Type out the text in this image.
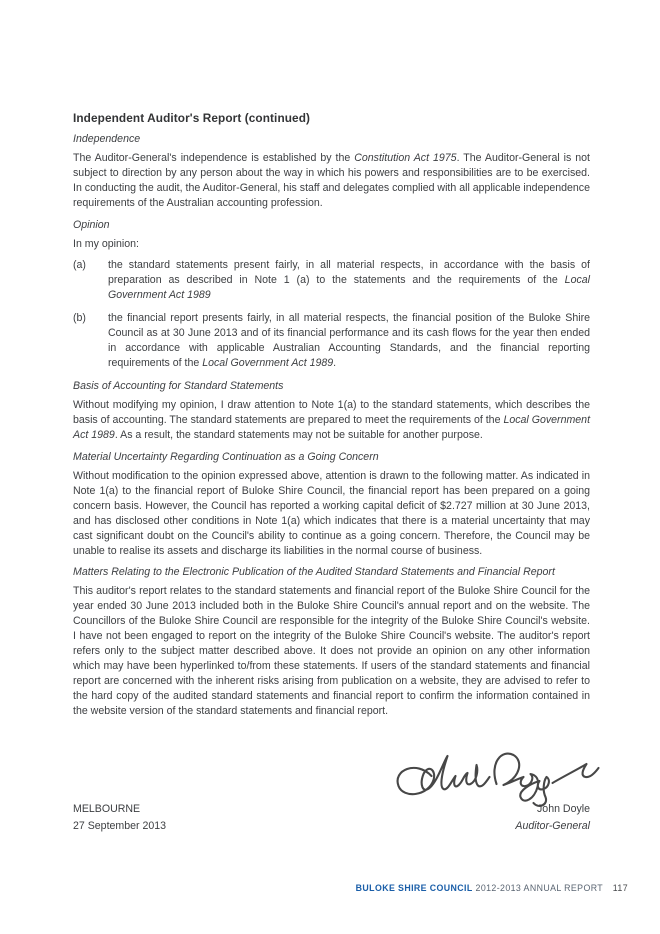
Independent Auditor's Report (continued)
Independence

The Auditor-General's independence is established by the Constitution Act 1975. The Auditor-General is not subject to direction by any person about the way in which his powers and responsibilities are to be exercised. In conducting the audit, the Auditor-General, his staff and delegates complied with all applicable independence requirements of the Australian accounting profession.

Opinion

In my opinion:

(a) the standard statements present fairly, in all material respects, in accordance with the basis of preparation as described in Note 1 (a) to the statements and the requirements of the Local Government Act 1989
(b) the financial report presents fairly, in all material respects, the financial position of the Buloke Shire Council as at 30 June 2013 and of its financial performance and its cash flows for the year then ended in accordance with applicable Australian Accounting Standards, and the financial reporting requirements of the Local Government Act 1989.
Basis of Accounting for Standard Statements

Without modifying my opinion, I draw attention to Note 1(a) to the standard statements, which describes the basis of accounting. The standard statements are prepared to meet the requirements of the Local Government Act 1989. As a result, the standard statements may not be suitable for another purpose.

Material Uncertainty Regarding Continuation as a Going Concern

Without modification to the opinion expressed above, attention is drawn to the following matter. As indicated in Note 1(a) to the financial report of Buloke Shire Council, the financial report has been prepared on a going concern basis. However, the Council has reported a working capital deficit of $2.727 million at 30 June 2013, and has disclosed other conditions in Note 1(a) which indicates that there is a material uncertainty that may cast significant doubt on the Council's ability to continue as a going concern. Therefore, the Council may be unable to realise its assets and discharge its liabilities in the normal course of business.

Matters Relating to the Electronic Publication of the Audited Standard Statements and Financial Report

This auditor's report relates to the standard statements and financial report of the Buloke Shire Council for the year ended 30 June 2013 included both in the Buloke Shire Council's annual report and on the website. The Councillors of the Buloke Shire Council are responsible for the integrity of the Buloke Shire Council's website. I have not been engaged to report on the integrity of the Buloke Shire Council's website. The auditor's report refers only to the subject matter described above. It does not provide an opinion on any other information which may have been hyperlinked to/from these statements. If users of the standard statements and financial report are concerned with the inherent risks arising from publication on a website, they are advised to refer to the hard copy of the audited standard statements and financial report to confirm the information contained in the website version of the standard statements and financial report.

MELBOURNE
27 September 2013
John Doyle
Auditor-General
BULOKE SHIRE COUNCIL 2012-2013 ANNUAL REPORT 117
